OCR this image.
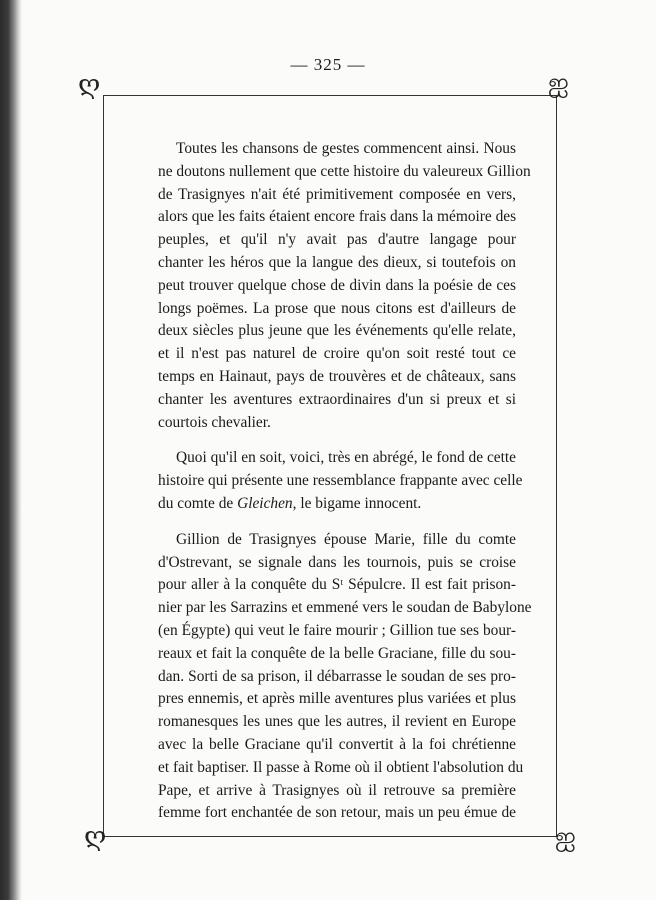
— 325 —
ღ	ஐ
ღ	ஐ
Toutes les chansons de gestes commencent ainsi. Nous
ne doutons nullement que cette histoire du valeureux Gillion
de Trasignyes n'ait été primitivement composée en vers,
alors que les faits étaient encore frais dans la mémoire des
peuples, et qu'il n'y avait pas d'autre langage pour
chanter les héros que la langue des dieux, si toutefois on
peut trouver quelque chose de divin dans la poésie de ces
longs poëmes. La prose que nous citons est d'ailleurs de
deux siècles plus jeune que les événements qu'elle relate,
et il n'est pas naturel de croire qu'on soit resté tout ce
temps en Hainaut, pays de trouvères et de châteaux, sans
chanter les aventures extraordinaires d'un si preux et si
courtois chevalier.
Quoi qu'il en soit, voici, très en abrégé, le fond de cette
histoire qui présente une ressemblance frappante avec celle
du comte de Gleichen, le bigame innocent.
Gillion de Trasignyes épouse Marie, fille du comte
d'Ostrevant, se signale dans les tournois, puis se croise
pour aller à la conquête du Sᵗ Sépulcre. Il est fait prison-
nier par les Sarrazins et emmené vers le soudan de Babylone
(en Égypte) qui veut le faire mourir ; Gillion tue ses bour-
reaux et fait la conquête de la belle Graciane, fille du sou-
dan. Sorti de sa prison, il débarrasse le soudan de ses pro-
pres ennemis, et après mille aventures plus variées et plus
romanesques les unes que les autres, il revient en Europe
avec la belle Graciane qu'il convertit à la foi chrétienne
et fait baptiser. Il passe à Rome où il obtient l'absolution du
Pape, et arrive à Trasignyes où il retrouve sa première
femme fort enchantée de son retour, mais un peu émue de
